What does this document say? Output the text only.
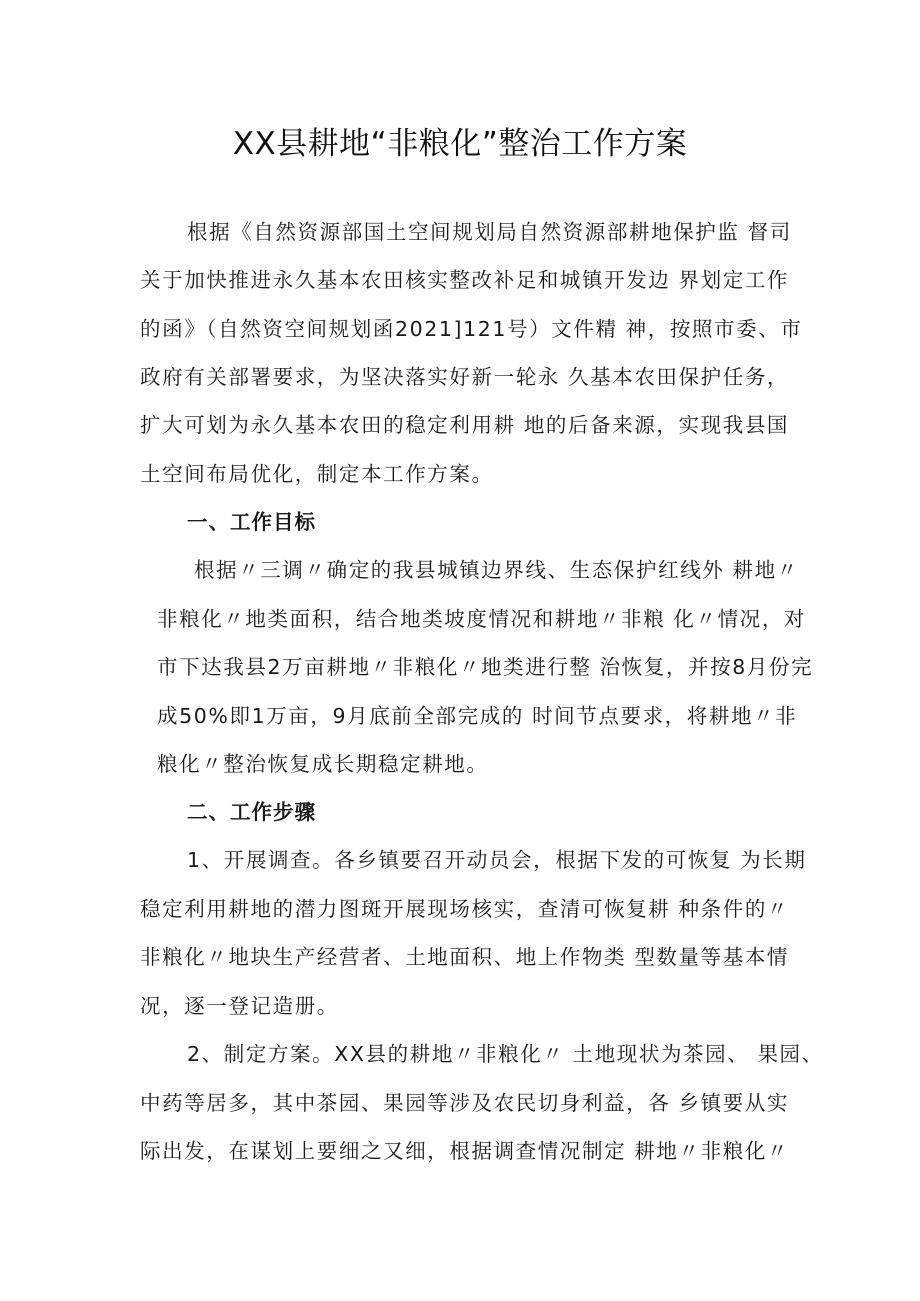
XX县耕地“非粮化”整治工作方案
根据《自然资源部国土空间规划局自然资源部耕地保护监 督司
关于加快推进永久基本农田核实整改补足和城镇开发边 界划定工作
的函》（自然资空间规划函2021]121号）文件精 神，按照市委、市
政府有关部署要求，为坚决落实好新一轮永 久基本农田保护任务，
扩大可划为永久基本农田的稳定利用耕 地的后备来源，实现我县国
土空间布局优化，制定本工作方案。
一、工作目标
根据〃三调〃确定的我县城镇边界线、生态保护红线外 耕地〃
非粮化〃地类面积，结合地类坡度情况和耕地〃非粮 化〃情况，对
市下达我县2万亩耕地〃非粮化〃地类进行整 治恢复，并按8月份完
成50%即1万亩，9月底前全部完成的 时间节点要求，将耕地〃非
粮化〃整治恢复成长期稳定耕地。
二、工作步骤
1、开展调查。各乡镇要召开动员会，根据下发的可恢复 为长期
稳定利用耕地的潜力图斑开展现场核实，查清可恢复耕 种条件的〃
非粮化〃地块生产经营者、土地面积、地上作物类 型数量等基本情
况，逐一登记造册。
2、制定方案。XX县的耕地〃非粮化〃 土地现状为茶园、 果园、
中药等居多，其中茶园、果园等涉及农民切身利益，各 乡镇要从实
际出发，在谋划上要细之又细，根据调查情况制定 耕地〃非粮化〃
